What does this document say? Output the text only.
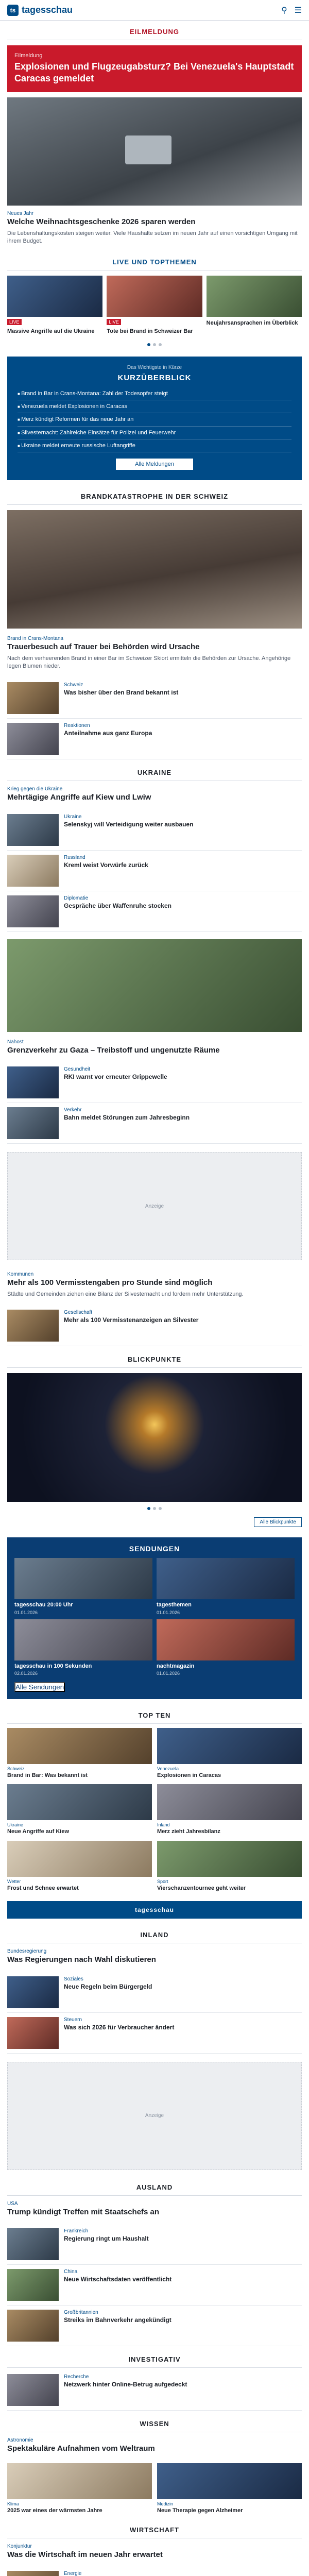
ts tagesschau	⚲ ☰
EILMELDUNG
Eilmeldung
Explosionen und Flugzeugabsturz? Bei Venezuela's Hauptstadt Caracas gemeldet
Neues Jahr
Welche Weihnachtsgeschenke 2026 sparen werden
Die Lebenshaltungskosten steigen weiter. Viele Haushalte setzen im neuen Jahr auf einen vorsichtigen Umgang mit ihrem Budget.
LIVE UND TOPTHEMEN
LIVE
Massive Angriffe auf die Ukraine
LIVE
Tote bei Brand in Schweizer Bar
Neujahrsansprachen im Überblick
Das Wichtigste in Kürze
KURZÜBERBLICK
■ Brand in Bar in Crans-Montana: Zahl der Todesopfer steigt
■ Venezuela meldet Explosionen in Caracas
■ Merz kündigt Reformen für das neue Jahr an
■ Silvesternacht: Zahlreiche Einsätze für Polizei und Feuerwehr
■ Ukraine meldet erneute russische Luftangriffe
Alle Meldungen
BRANDKATASTROPHE IN DER SCHWEIZ
Brand in Crans-Montana
Trauerbesuch auf Trauer bei Behörden wird Ursache
Nach dem verheerenden Brand in einer Bar im Schweizer Skiort ermitteln die Behörden zur Ursache. Angehörige legen Blumen nieder.
Schweiz
Was bisher über den Brand bekannt ist
Reaktionen
Anteilnahme aus ganz Europa
UKRAINE
Krieg gegen die Ukraine
Mehrtägige Angriffe auf Kiew und Lwiw
Ukraine
Selenskyj will Verteidigung weiter ausbauen
Russland
Kreml weist Vorwürfe zurück
Diplomatie
Gespräche über Waffenruhe stocken
Nahost
Grenzverkehr zu Gaza – Treibstoff und ungenutzte Räume
Gesundheit
RKI warnt vor erneuter Grippewelle
Verkehr
Bahn meldet Störungen zum Jahresbeginn
Anzeige
Kommunen
Mehr als 100 Vermisstengaben pro Stunde sind möglich
Städte und Gemeinden ziehen eine Bilanz der Silvesternacht und fordern mehr Unterstützung.
Gesellschaft
Mehr als 100 Vermisstenanzeigen an Silvester
BLICKPUNKTE
Alle Blickpunkte
SENDUNGEN
tagesschau 20:00 Uhr
01.01.2026
tagesthemen
01.01.2026
tagesschau in 100 Sekunden
02.01.2026
nachtmagazin
01.01.2026
Alle Sendungen
TOP TEN
Schweiz
Brand in Bar: Was bekannt ist
Venezuela
Explosionen in Caracas
Ukraine
Neue Angriffe auf Kiew
Inland
Merz zieht Jahresbilanz
Wetter
Frost und Schnee erwartet
Sport
Vierschanzentournee geht weiter
tagesschau
INLAND
Bundesregierung
Was Regierungen nach Wahl diskutieren
Soziales
Neue Regeln beim Bürgergeld
Steuern
Was sich 2026 für Verbraucher ändert
Anzeige
AUSLAND
USA
Trump kündigt Treffen mit Staatschefs an
Frankreich
Regierung ringt um Haushalt
China
Neue Wirtschaftsdaten veröffentlicht
Großbritannien
Streiks im Bahnverkehr angekündigt
INVESTIGATIV
Recherche
Netzwerk hinter Online-Betrug aufgedeckt
WISSEN
Astronomie
Spektakuläre Aufnahmen vom Weltraum
Klima
2025 war eines der wärmsten Jahre
Medizin
Neue Therapie gegen Alzheimer
WIRTSCHAFT
Konjunktur
Was die Wirtschaft im neuen Jahr erwartet
Energie
